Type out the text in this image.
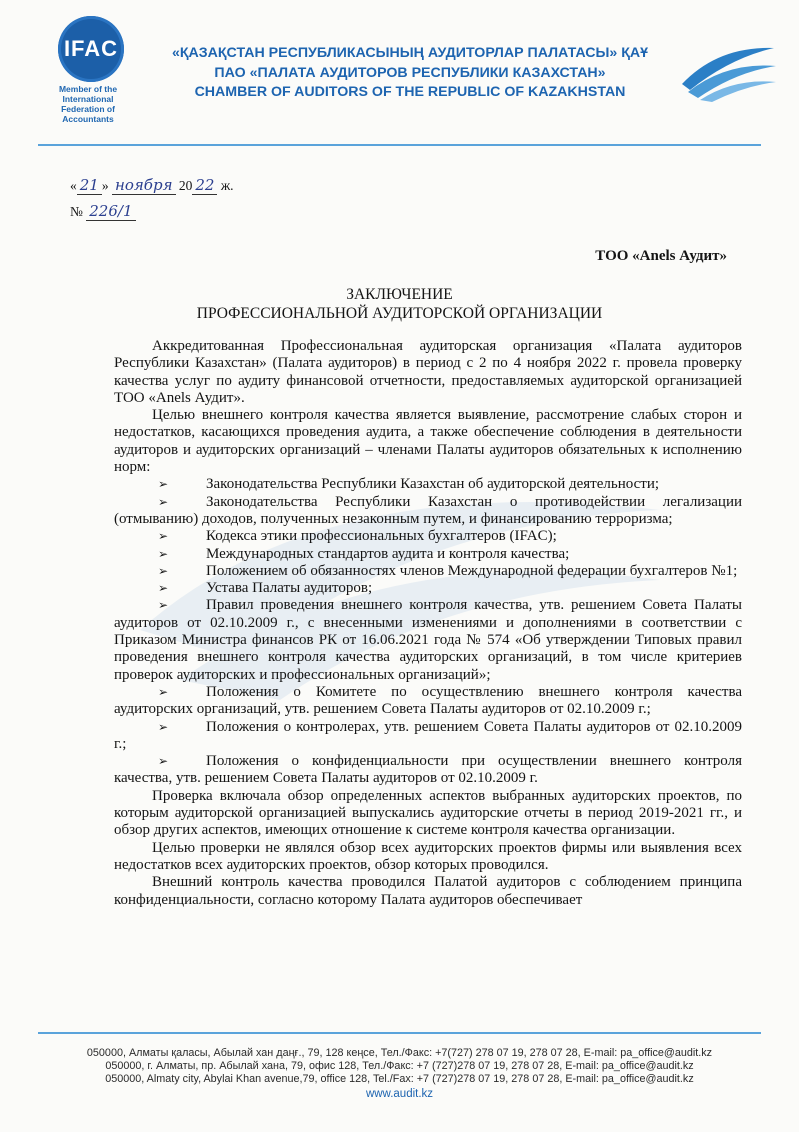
IFAC
Member of the
International
Federation of
Accountants
«ҚАЗАҚСТАН РЕСПУБЛИКАСЫНЫҢ АУДИТОРЛАР ПАЛАТАСЫ» ҚАҰ
ПАО «ПАЛАТА АУДИТОРОВ РЕСПУБЛИКИ КАЗАХСТАН»
CHAMBER OF AUDITORS OF THE REPUBLIC OF KAZAKHSTAN
« 21 » ноября 20 22 ж.
№ 226/1
ТОО «Anels Аудит»
ЗАКЛЮЧЕНИЕ
ПРОФЕССИОНАЛЬНОЙ АУДИТОРСКОЙ ОРГАНИЗАЦИИ

Аккредитованная Профессиональная аудиторская организация «Палата аудиторов Республики Казахстан» (Палата аудиторов) в период с 2 по 4 ноября 2022 г. провела проверку качества услуг по аудиту финансовой отчетности, предоставляемых аудиторской организацией ТОО «Anels Аудит».

Целью внешнего контроля качества является выявление, рассмотрение слабых сторон и недостатков, касающихся проведения аудита, а также обеспечение соблюдения в деятельности аудиторов и аудиторских организаций – членами Палаты аудиторов обязательных к исполнению норм:

➢	Законодательства Республики Казахстан об аудиторской деятельности;

➢	Законодательства Республики Казахстан о противодействии легализации (отмыванию) доходов, полученных незаконным путем, и финансированию терроризма;

➢	Кодекса этики профессиональных бухгалтеров (IFAC);

➢	Международных стандартов аудита и контроля качества;

➢	Положением об обязанностях членов Международной федерации бухгалтеров №1;

➢	Устава Палаты аудиторов;

➢	Правил проведения внешнего контроля качества, утв. решением Совета Палаты аудиторов от 02.10.2009 г., с внесенными изменениями и дополнениями в соответствии с Приказом Министра финансов РК от 16.06.2021 года № 574 «Об утверждении Типовых правил проведения внешнего контроля качества аудиторских организаций, в том числе критериев проверок аудиторских и профессиональных организаций»;

➢	Положения о Комитете по осуществлению внешнего контроля качества аудиторских организаций, утв. решением Совета Палаты аудиторов от 02.10.2009 г.;

➢	Положения о контролерах, утв. решением Совета Палаты аудиторов от 02.10.2009 г.;

➢	Положения о конфиденциальности при осуществлении внешнего контроля качества, утв. решением Совета Палаты аудиторов от 02.10.2009 г.

Проверка включала обзор определенных аспектов выбранных аудиторских проектов, по которым аудиторской организацией выпускались аудиторские отчеты в период 2019-2021 гг., и обзор других аспектов, имеющих отношение к системе контроля качества организации.

Целью проверки не являлся обзор всех аудиторских проектов фирмы или выявления всех недостатков всех аудиторских проектов, обзор которых проводился.

Внешний контроль качества проводился Палатой аудиторов с соблюдением принципа конфиденциальности, согласно которому Палата аудиторов обеспечивает

050000, Алматы қаласы, Абылай хан даңғ., 79, 128 кеңсе, Тел./Факс: +7(727) 278 07 19, 278 07 28, E-mail: pa_office@audit.kz
050000, г. Алматы, пр. Абылай хана, 79, офис 128, Тел./Факс: +7 (727)278 07 19, 278 07 28, E-mail: pa_office@audit.kz
050000, Almaty city, Abylai Khan avenue,79, office 128, Tel./Fax: +7 (727)278 07 19, 278 07 28, E-mail: pa_office@audit.kz
www.audit.kz
